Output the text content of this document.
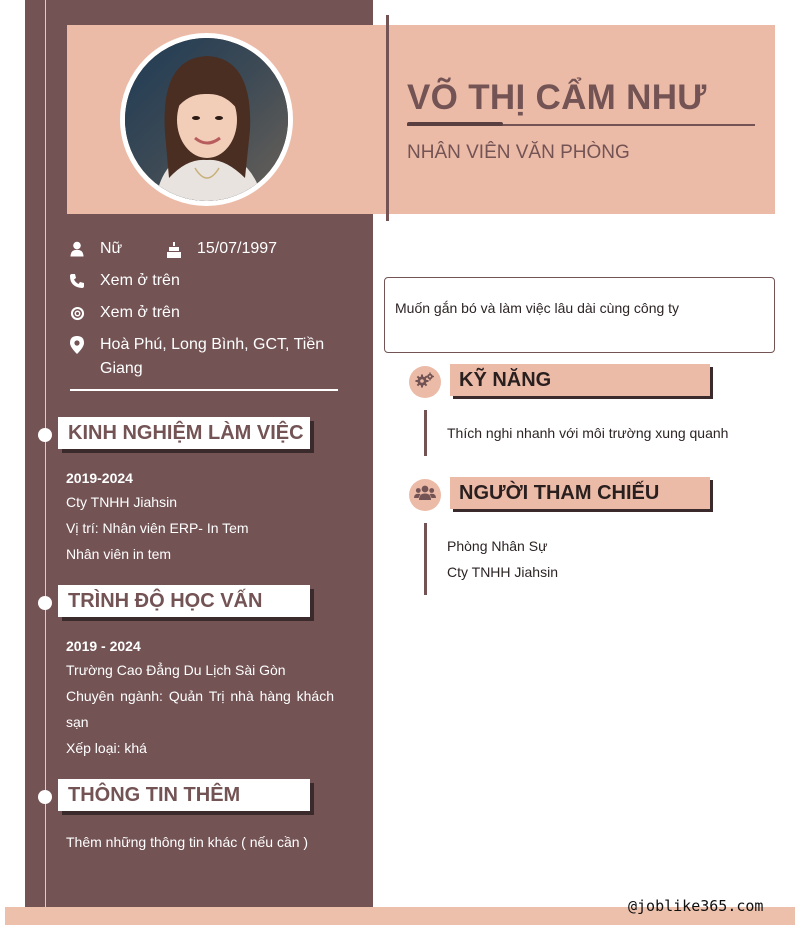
VÕ THỊ CẨM NHƯ
NHÂN VIÊN VĂN PHÒNG
Nữ	15/07/1997
Xem ở trên
Xem ở trên
Hoà Phú, Long Bình, GCT, Tiền Giang
KINH NGHIỆM LÀM VIỆC
2019-2024
Cty TNHH Jiahsin
Vị trí: Nhân viên ERP- In Tem
Nhân viên in tem
TRÌNH ĐỘ HỌC VẤN
2019 - 2024
Trường Cao Đẳng Du Lịch Sài Gòn
Chuyên ngành: Quản Trị nhà hàng khách sạn
Xếp loại: khá
THÔNG TIN THÊM
Thêm những thông tin khác ( nếu cần )
Muốn gắn bó và làm việc lâu dài cùng công ty
KỸ NĂNG
Thích nghi nhanh với môi trường xung quanh
NGƯỜI THAM CHIẾU
Phòng Nhân Sự
Cty TNHH Jiahsin
@joblike365.com
